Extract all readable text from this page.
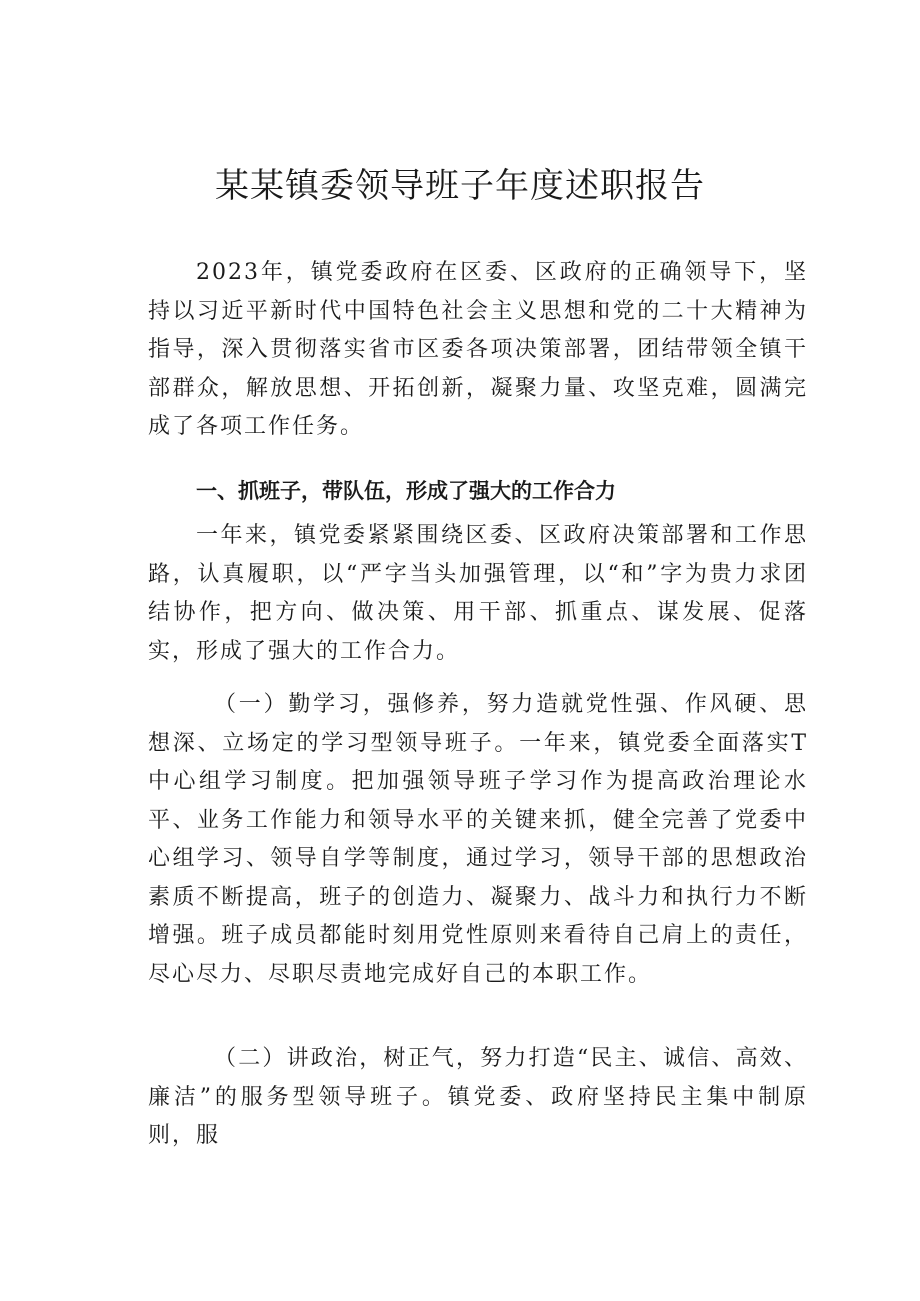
某某镇委领导班子年度述职报告

2023年，镇党委政府在区委、区政府的正确领导下，坚持以习近平新时代中国特色社会主义思想和党的二十大精神为指导，深入贯彻落实省市区委各项决策部署，团结带领全镇干部群众，解放思想、开拓创新，凝聚力量、攻坚克难，圆满完成了各项工作任务。

一、抓班子，带队伍，形成了强大的工作合力

一年来，镇党委紧紧围绕区委、区政府决策部署和工作思路，认真履职，以“严字当头加强管理，以“和”字为贵力求团结协作，把方向、做决策、用干部、抓重点、谋发展、促落实，形成了强大的工作合力。

（一）勤学习，强修养，努力造就党性强、作风硬、思想深、立场定的学习型领导班子。一年来，镇党委全面落实T中心组学习制度。把加强领导班子学习作为提高政治理论水平、业务工作能力和领导水平的关键来抓，健全完善了党委中心组学习、领导自学等制度，通过学习，领导干部的思想政治素质不断提高，班子的创造力、凝聚力、战斗力和执行力不断增强。班子成员都能时刻用党性原则来看待自己肩上的责任，尽心尽力、尽职尽责地完成好自己的本职工作。

（二）讲政治，树正气，努力打造“民主、诚信、高效、廉洁”的服务型领导班子。镇党委、政府坚持民主集中制原则，服
